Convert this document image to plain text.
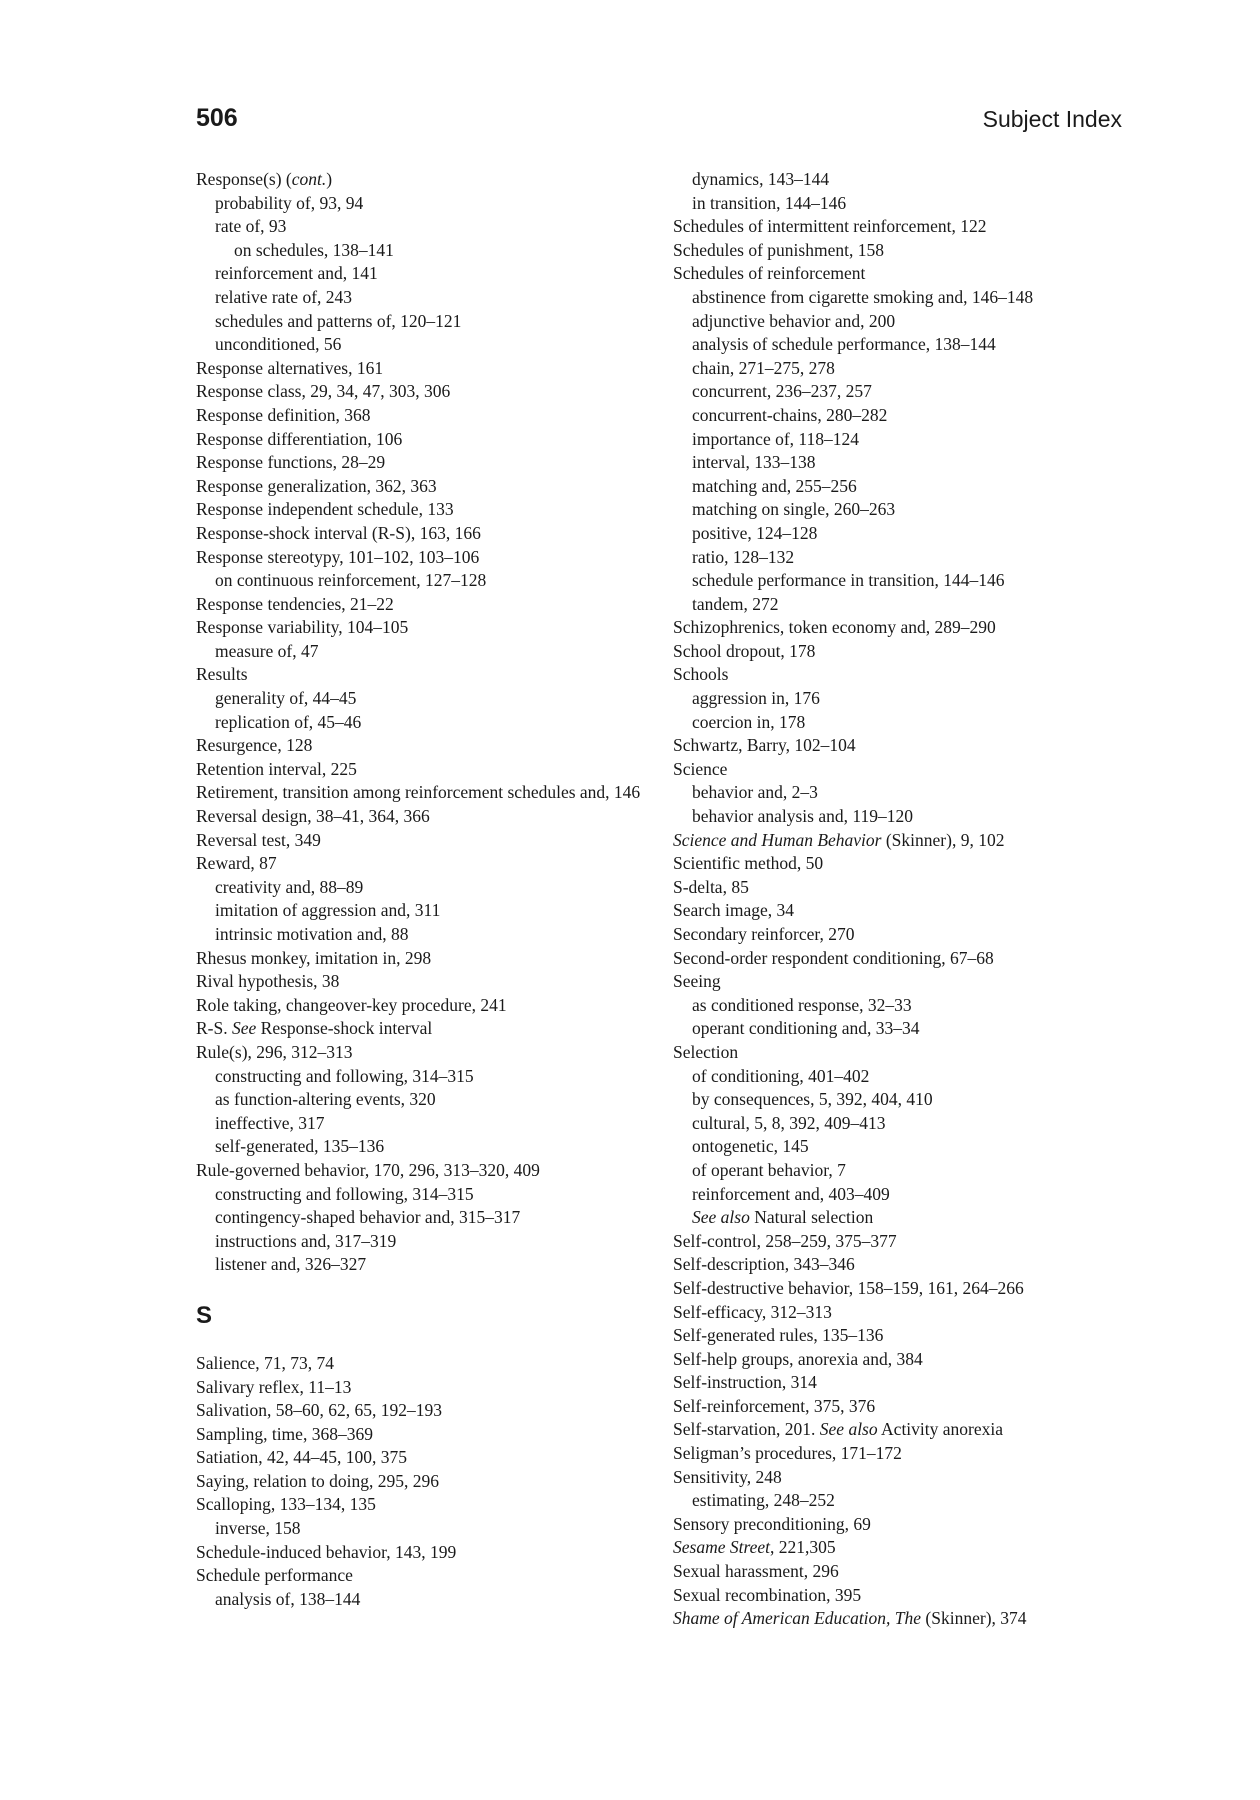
506	Subject Index
Response(s) (cont.)
probability of, 93, 94
rate of, 93
on schedules, 138–141
reinforcement and, 141
relative rate of, 243
schedules and patterns of, 120–121
unconditioned, 56
Response alternatives, 161
Response class, 29, 34, 47, 303, 306
Response definition, 368
Response differentiation, 106
Response functions, 28–29
Response generalization, 362, 363
Response independent schedule, 133
Response-shock interval (R-S), 163, 166
Response stereotypy, 101–102, 103–106
on continuous reinforcement, 127–128
Response tendencies, 21–22
Response variability, 104–105
measure of, 47
Results
generality of, 44–45
replication of, 45–46
Resurgence, 128
Retention interval, 225
Retirement, transition among reinforcement schedules and, 146
Reversal design, 38–41, 364, 366
Reversal test, 349
Reward, 87
creativity and, 88–89
imitation of aggression and, 311
intrinsic motivation and, 88
Rhesus monkey, imitation in, 298
Rival hypothesis, 38
Role taking, changeover-key procedure, 241
R-S. See Response-shock interval
Rule(s), 296, 312–313
constructing and following, 314–315
as function-altering events, 320
ineffective, 317
self-generated, 135–136
Rule-governed behavior, 170, 296, 313–320, 409
constructing and following, 314–315
contingency-shaped behavior and, 315–317
instructions and, 317–319
listener and, 326–327
S
Salience, 71, 73, 74
Salivary reflex, 11–13
Salivation, 58–60, 62, 65, 192–193
Sampling, time, 368–369
Satiation, 42, 44–45, 100, 375
Saying, relation to doing, 295, 296
Scalloping, 133–134, 135
inverse, 158
Schedule-induced behavior, 143, 199
Schedule performance
analysis of, 138–144
dynamics, 143–144
in transition, 144–146
Schedules of intermittent reinforcement, 122
Schedules of punishment, 158
Schedules of reinforcement
abstinence from cigarette smoking and, 146–148
adjunctive behavior and, 200
analysis of schedule performance, 138–144
chain, 271–275, 278
concurrent, 236–237, 257
concurrent-chains, 280–282
importance of, 118–124
interval, 133–138
matching and, 255–256
matching on single, 260–263
positive, 124–128
ratio, 128–132
schedule performance in transition, 144–146
tandem, 272
Schizophrenics, token economy and, 289–290
School dropout, 178
Schools
aggression in, 176
coercion in, 178
Schwartz, Barry, 102–104
Science
behavior and, 2–3
behavior analysis and, 119–120
Science and Human Behavior (Skinner), 9, 102
Scientific method, 50
S-delta, 85
Search image, 34
Secondary reinforcer, 270
Second-order respondent conditioning, 67–68
Seeing
as conditioned response, 32–33
operant conditioning and, 33–34
Selection
of conditioning, 401–402
by consequences, 5, 392, 404, 410
cultural, 5, 8, 392, 409–413
ontogenetic, 145
of operant behavior, 7
reinforcement and, 403–409
See also Natural selection
Self-control, 258–259, 375–377
Self-description, 343–346
Self-destructive behavior, 158–159, 161, 264–266
Self-efficacy, 312–313
Self-generated rules, 135–136
Self-help groups, anorexia and, 384
Self-instruction, 314
Self-reinforcement, 375, 376
Self-starvation, 201. See also Activity anorexia
Seligman’s procedures, 171–172
Sensitivity, 248
estimating, 248–252
Sensory preconditioning, 69
Sesame Street, 221,305
Sexual harassment, 296
Sexual recombination, 395
Shame of American Education, The (Skinner), 374
